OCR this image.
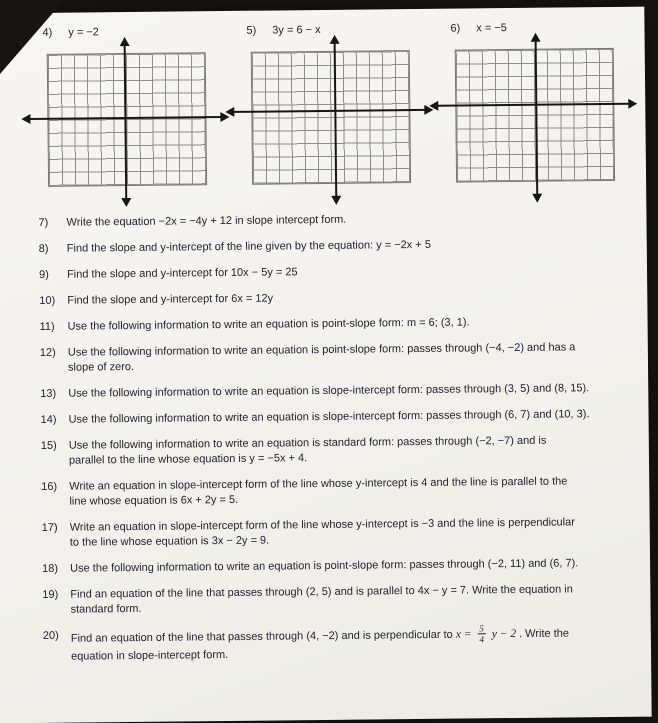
4) y = −2	5) 3y = 6 − x	6) x = −5
7)	Write the equation −2x = −4y + 12 in slope intercept form.
8)	Find the slope and y-intercept of the line given by the equation: y = −2x + 5
9)	Find the slope and y-intercept for 10x − 5y = 25
10)	Find the slope and y-intercept for 6x = 12y
11)	Use the following information to write an equation is point-slope form: m = 6; (3, 1).
12)	Use the following information to write an equation is point-slope form: passes through (−4, −2) and has a
slope of zero.
13)	Use the following information to write an equation is slope-intercept form: passes through (3, 5) and (8, 15).
14)	Use the following information to write an equation is slope-intercept form: passes through (6, 7) and (10, 3).
15)	Use the following information to write an equation is standard form: passes through (−2, −7) and is
parallel to the line whose equation is y = −5x + 4.
16)	Write an equation in slope-intercept form of the line whose y-intercept is 4 and the line is parallel to the
line whose equation is 6x + 2y = 5.
17)	Write an equation in slope-intercept form of the line whose y-intercept is −3 and the line is perpendicular
to the line whose equation is 3x − 2y = 9.
18)	Use the following information to write an equation is point-slope form: passes through (−2, 11) and (6, 7).
19)	Find an equation of the line that passes through (2, 5) and is parallel to 4x − y = 7. Write the equation in
standard form.
20)	Find an equation of the line that passes through (4, −2) and is perpendicular to $x = \frac{5}{4}$ y − 2 . Write the
equation in slope-intercept form.
